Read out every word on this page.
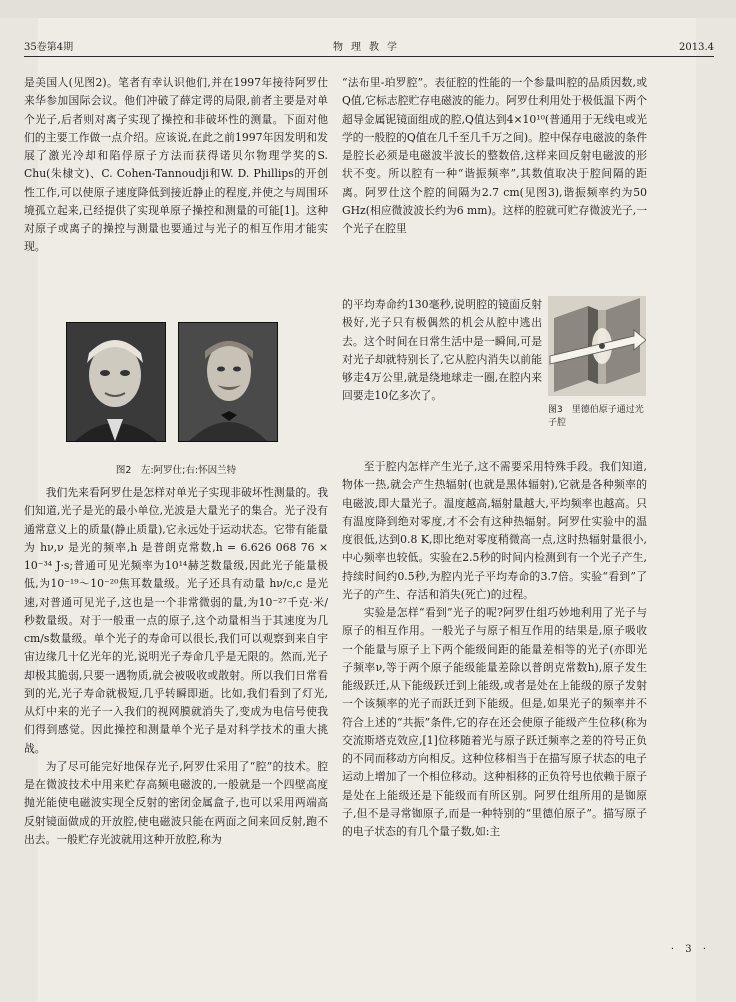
35卷第4期	物理教学	2013.4

是美国人(见图2)。笔者有幸认识他们,并在1997年接待阿罗仕来华参加国际会议。他们冲破了薛定谔的局限,前者主要是对单个光子,后者则对离子实现了操控和非破坏性的测量。下面对他们的主要工作做一点介绍。应该说,在此之前1997年因发明和发展了激光冷却和陷俘原子方法而获得诺贝尔物理学奖的S. Chu(朱棣文)、C. Cohen-Tannoudji和W. D. Phillips的开创性工作,可以使原子速度降低到接近静止的程度,并使之与周围环境孤立起来,已经提供了实现单原子操控和测量的可能[1]。这种对原子或离子的操控与测量也要通过与光子的相互作用才能实现。

图2　左:阿罗仕;右:怀因兰特

我们先来看阿罗仕是怎样对单光子实现非破坏性测量的。我们知道,光子是光的最小单位,光波是大量光子的集合。光子没有通常意义上的质量(静止质量),它永远处于运动状态。它带有能量为 hν,ν 是光的频率,h 是普朗克常数,h = 6.626 068 76 × 10⁻³⁴ J·s;普通可见光频率为10¹⁴赫芝数量级,因此光子能量极低,为10⁻¹⁹～10⁻²⁰焦耳数量级。光子还具有动量 hν/c,c 是光速,对普通可见光子,这也是一个非常微弱的量,为10⁻²⁷千克·米/秒数量级。对于一般重一点的原子,这个动量相当于其速度为几cm/s数量级。单个光子的寿命可以很长,我们可以观察到来自宇宙边缘几十亿光年的光,说明光子寿命几乎是无限的。然而,光子却极其脆弱,只要一遇物质,就会被吸收或散射。所以我们日常看到的光,光子寿命就极短,几乎转瞬即逝。比如,我们看到了灯光,从灯中来的光子一入我们的视网膜就消失了,变成为电信号使我们得到感觉。因此操控和测量单个光子是对科学技术的重大挑战。

为了尽可能完好地保存光子,阿罗仕采用了“腔”的技术。腔是在微波技术中用来贮存高频电磁波的,一般就是一个四壁高度抛光能使电磁波实现全反射的密闭金属盒子,也可以采用两端高反射镜面做成的开放腔,使电磁波只能在两面之间来回反射,跑不出去。一般贮存光波就用这种开放腔,称为

“法布里-珀罗腔”。表征腔的性能的一个参量叫腔的品质因数,或Q值,它标志腔贮存电磁波的能力。阿罗仕利用处于极低温下两个超导金属铌镜面组成的腔,Q值达到4×10¹⁰(普通用于无线电或光学的一般腔的Q值在几千至几千万之间)。腔中保存电磁波的条件是腔长必须是电磁波半波长的整数倍,这样来回反射电磁波的形状不变。所以腔有一种“谐振频率”,其数值取决于腔间隔的距离。阿罗仕这个腔的间隔为2.7 cm(见图3),谐振频率约为50 GHz(相应微波波长约为6 mm)。这样的腔就可贮存微波光子,一个光子在腔里

的平均寿命约130毫秒,说明腔的镜面反射极好,光子只有极偶然的机会从腔中逃出去。这个时间在日常生活中是一瞬间,可是对光子却就特别长了,它从腔内消失以前能够走4万公里,就是绕地球走一圈,在腔内来回要走10亿多次了。

图3　里德伯原子通过光子腔

至于腔内怎样产生光子,这不需要采用特殊手段。我们知道,物体一热,就会产生热辐射(也就是黑体辐射),它就是各种频率的电磁波,即大量光子。温度越高,辐射量越大,平均频率也越高。只有温度降到绝对零度,才不会有这种热辐射。阿罗仕实验中的温度很低,达到0.8 K,即比绝对零度稍微高一点,这时热辐射量很小,中心频率也较低。实验在2.5秒的时间内检测到有一个光子产生,持续时间约0.5秒,为腔内光子平均寿命的3.7倍。实验“看到”了光子的产生、存活和消失(死亡)的过程。

实验是怎样“看到”光子的呢?阿罗仕组巧妙地利用了光子与原子的相互作用。一般光子与原子相互作用的结果是,原子吸收一个能量与原子上下两个能级间距的能量差相等的光子(亦即光子频率ν,等于两个原子能级能量差除以普朗克常数h),原子发生能级跃迁,从下能级跃迁到上能级,或者是处在上能级的原子发射一个该频率的光子而跃迁到下能级。但是,如果光子的频率并不符合上述的“共振”条件,它的存在还会使原子能级产生位移(称为交流斯塔克效应,[1]位移随着光与原子跃迁频率之差的符号正负的不同而移动方向相反。这种位移相当于在描写原子状态的电子运动上增加了一个相位移动。这种相移的正负符号也依赖于原子是处在上能级还是下能级而有所区别。阿罗仕组所用的是铷原子,但不是寻常铷原子,而是一种特别的“里德伯原子”。描写原子的电子状态的有几个量子数,如:主

· 3 ·
